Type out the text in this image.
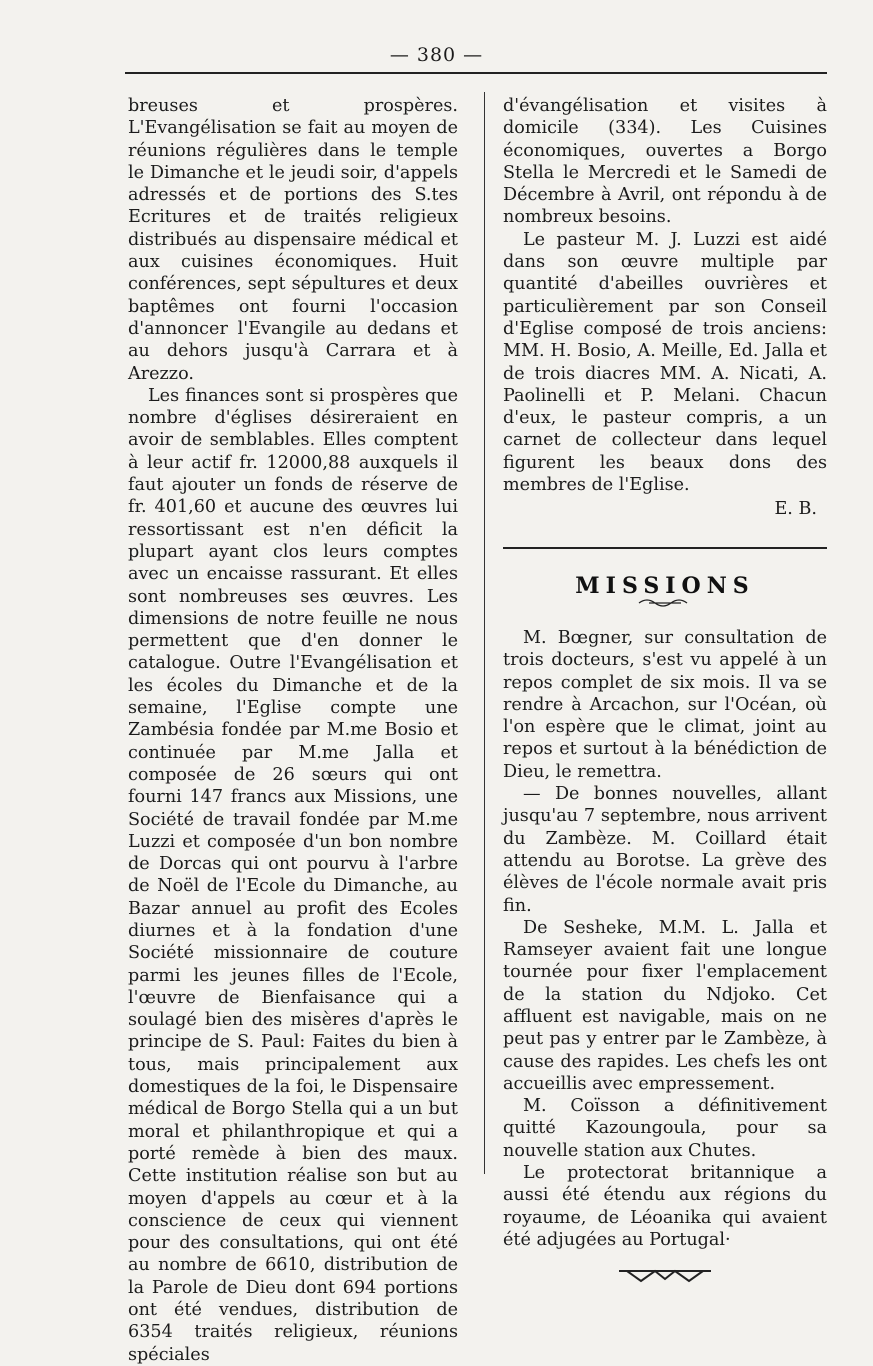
— 380 —

breuses et prospères. L'Evangélisation se fait au moyen de réunions régulières dans le temple le Dimanche et le jeudi soir, d'appels adressés et de portions des S.tes Ecritures et de traités religieux distribués au dispensaire médical et aux cuisines économiques. Huit conférences, sept sépultures et deux baptêmes ont fourni l'occasion d'annoncer l'Evangile au dedans et au dehors jusqu'à Carrara et à Arezzo.

Les finances sont si prospères que nombre d'églises désireraient en avoir de semblables. Elles comptent à leur actif fr. 12000,88 auxquels il faut ajouter un fonds de réserve de fr. 401,60 et aucune des œuvres lui ressortissant est n'en déficit la plupart ayant clos leurs comptes avec un encaisse rassurant. Et elles sont nombreuses ses œuvres. Les dimensions de notre feuille ne nous permettent que d'en donner le catalogue. Outre l'Evangélisation et les écoles du Dimanche et de la semaine, l'Eglise compte une Zambésia fondée par M.me Bosio et continuée par M.me Jalla et composée de 26 sœurs qui ont fourni 147 francs aux Missions, une Société de travail fondée par M.me Luzzi et composée d'un bon nombre de Dorcas qui ont pourvu à l'arbre de Noël de l'Ecole du Dimanche, au Bazar annuel au profit des Ecoles diurnes et à la fondation d'une Société missionnaire de couture parmi les jeunes filles de l'Ecole, l'œuvre de Bienfaisance qui a soulagé bien des misères d'après le principe de S. Paul: Faites du bien à tous, mais principalement aux domestiques de la foi, le Dispensaire médical de Borgo Stella qui a un but moral et philanthropique et qui a porté remède à bien des maux. Cette institution réalise son but au moyen d'appels au cœur et à la conscience de ceux qui viennent pour des consultations, qui ont été au nombre de 6610, distribution de la Parole de Dieu dont 694 portions ont été vendues, distribution de 6354 traités religieux, réunions spéciales

d'évangélisation et visites à domicile (334). Les Cuisines économiques, ouvertes a Borgo Stella le Mercredi et le Samedi de Décembre à Avril, ont répondu à de nombreux besoins.

Le pasteur M. J. Luzzi est aidé dans son œuvre multiple par quantité d'abeilles ouvrières et particulièrement par son Conseil d'Eglise composé de trois anciens: MM. H. Bosio, A. Meille, Ed. Jalla et de trois diacres MM. A. Nicati, A. Paolinelli et P. Melani. Chacun d'eux, le pasteur compris, a un carnet de collecteur dans lequel figurent les beaux dons des membres de l'Eglise.

E. B.

MISSIONS

M. Bœgner, sur consultation de trois docteurs, s'est vu appelé à un repos complet de six mois. Il va se rendre à Arcachon, sur l'Océan, où l'on espère que le climat, joint au repos et surtout à la bénédiction de Dieu, le remettra.

— De bonnes nouvelles, allant jusqu'au 7 septembre, nous arrivent du Zambèze. M. Coillard était attendu au Borotse. La grève des élèves de l'école normale avait pris fin.

De Sesheke, M.M. L. Jalla et Ramseyer avaient fait une longue tournée pour fixer l'emplacement de la station du Ndjoko. Cet affluent est navigable, mais on ne peut pas y entrer par le Zambèze, à cause des rapides. Les chefs les ont accueillis avec empressement.

M. Coïsson a définitivement quitté Kazoungoula, pour sa nouvelle station aux Chutes.

Le protectorat britannique a aussi été étendu aux régions du royaume, de Léoanika qui avaient été adjugées au Portugal·
